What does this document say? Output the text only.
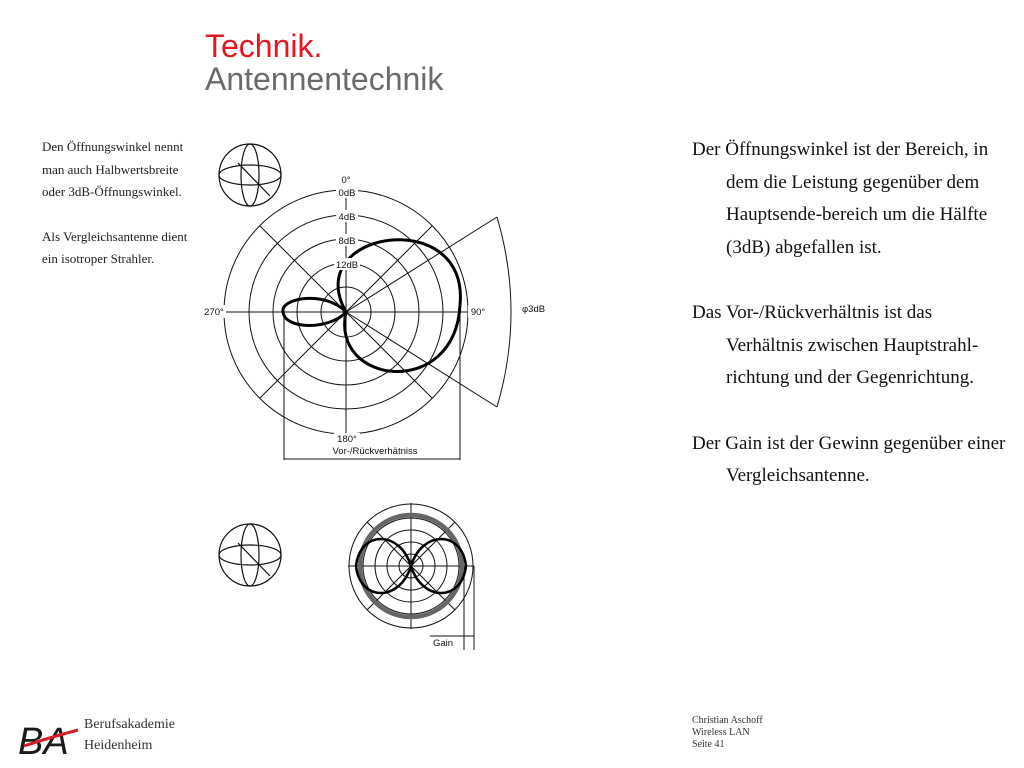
Technik.
Antennentechnik

Den Öffnungswinkel nennt man auch Halbwertsbreite oder 3dB-Öffnungswinkel.

Als Vergleichsantenne dient ein isotroper Strahler.

0°
0dB
4dB
8dB
12dB
270°	90°
180°
Vor-/Rückverhätniss
φ3dB
Gain

Der Öffnungswinkel ist der Bereich, in dem die Leistung gegenüber dem Hauptsende-bereich um die Hälfte (3dB) abgefallen ist.

Das Vor-/Rückverhältnis ist das Verhältnis zwischen Hauptstrahl-richtung und der Gegenrichtung.

Der Gain ist der Gewinn gegenüber einer Vergleichsantenne.

BA Berufsakademie
Heidenheim
Christian Aschoff
Wireless LAN
Seite 41
